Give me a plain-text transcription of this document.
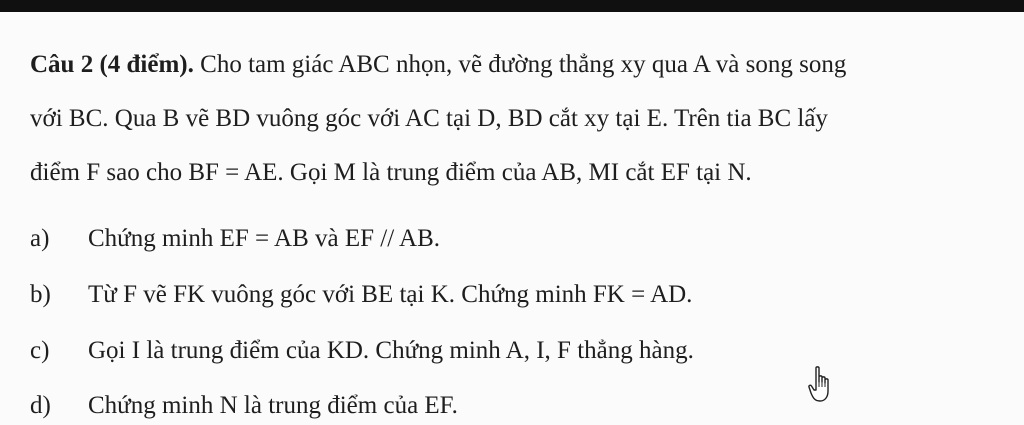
Câu 2 (4 điểm). Cho tam giác ABC nhọn, vẽ đường thẳng xy qua A và song song
với BC. Qua B vẽ BD vuông góc với AC tại D, BD cắt xy tại E. Trên tia BC lấy
điểm F sao cho BF = AE. Gọi M là trung điểm của AB, MI cắt EF tại N.
a) Chứng minh EF = AB và EF // AB.
b) Từ F vẽ FK vuông góc với BE tại K. Chứng minh FK = AD.
c) Gọi I là trung điểm của KD. Chứng minh A, I, F thẳng hàng.
d) Chứng minh N là trung điểm của EF.
